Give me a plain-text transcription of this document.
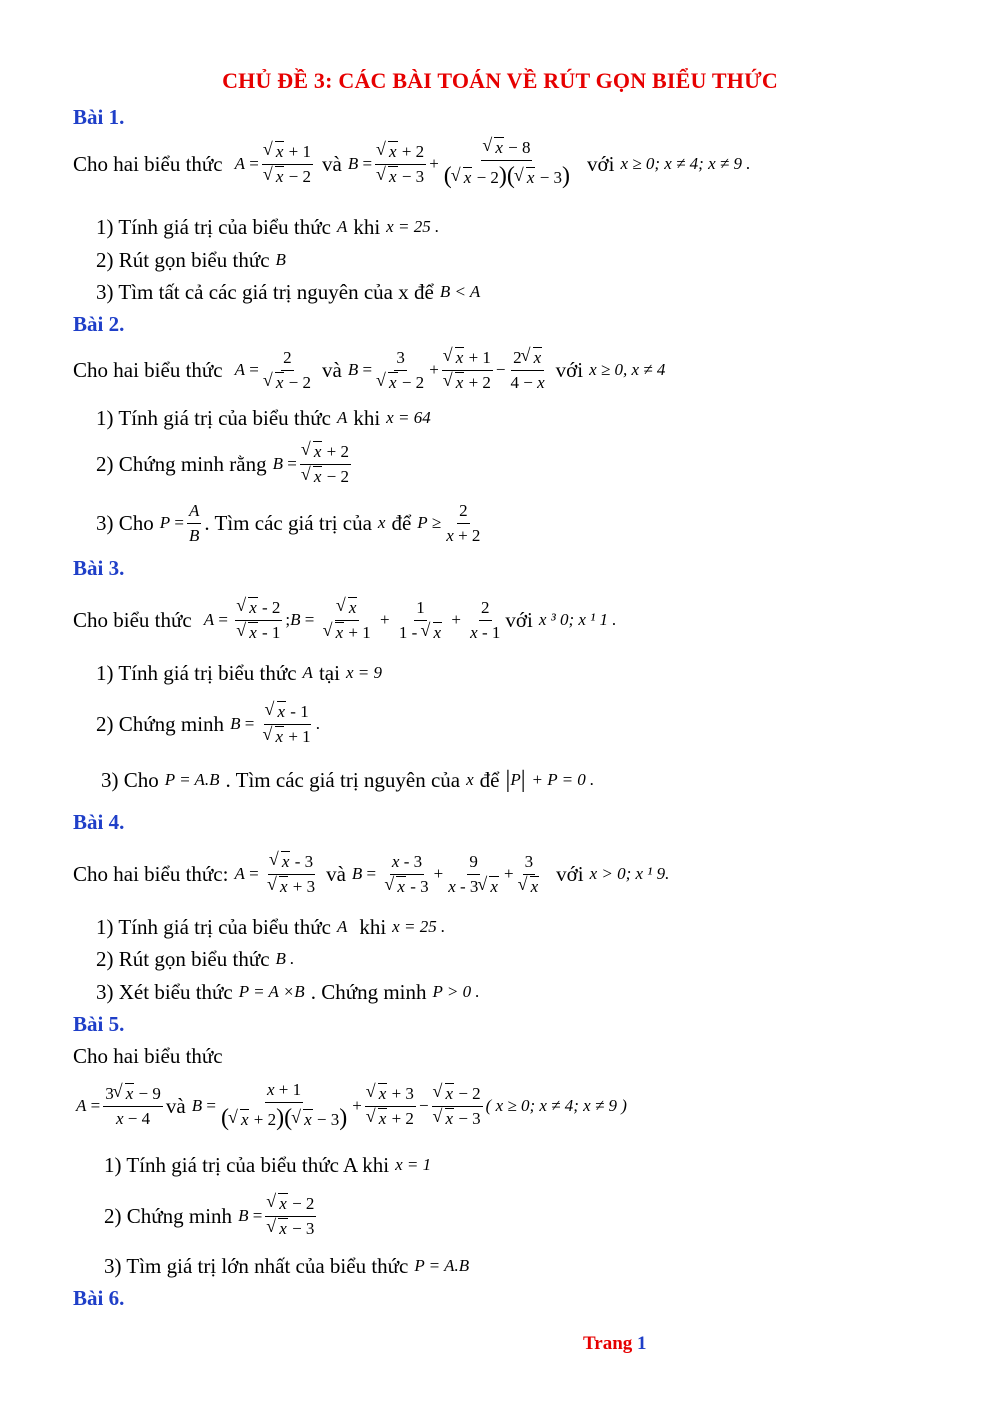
CHỦ ĐỀ 3: CÁC BÀI TOÁN VỀ RÚT GỌN BIỂU THỨC
Bài 1.
Cho hai biểu thức A = √ x + 1
√ x − 2 và B = √ x + 2
√ x − 3 + √ $\frac{x - 8}{( √ x - 2)( √ x - 3)}$ với x ≥ 0; x ≠ 4; x ≠ 9 .
1) Tính giá trị của biểu thức A khi x = 25 .
2) Rút gọn biểu thức B
3) Tìm tất cả các giá trị nguyên của x để B < A
Bài 2.
Cho hai biểu thức A = 2
√ x − 2 và B = 3
√ x − 2 + √ x + 1
√ $x + 2 - \frac{2 √ x}{4 - x}$ với x ≥ 0, x ≠ 4
1) Tính giá trị của biểu thức A khi x = 64
2) Chứng minh rằng B = √ x + 2
√ x − 2
3) Cho $P = \frac{A}{B}$ . Tìm các giá trị của x để $P \ge \frac{2}{x + 2}$
Bài 3.
Cho biểu thức A = √ x - 2
√ x - 1 ; B = √ x
√ $x + 1 + \frac{1}{1 - √ x} + \frac{2}{x - 1}$ với x ³ 0; x ¹ 1 .
1) Tính giá trị biểu thức A tại x = 9
2) Chứng minh B = √ x - 1
√ x + 1 .
3) Cho P = A.B . Tìm các giá trị nguyên của x để | P | + P = 0 .
Bài 4.
Cho hai biểu thức: A = √ x - 3
√ x + 3 và B = x - 3
√ $x - 3 + \frac{9}{x - 3 √ x} + 3$
√ x với x > 0; x ¹ 9.
1) Tính giá trị của biểu thức A khi x = 25 .
2) Rút gọn biểu thức B .
3) Xét biểu thức P = A ×B . Chứng minh P > 0 .
Bài 5.
Cho hai biểu thức
$A = \frac{3 √ x - 9}{x - 4}$ và $B = \frac{x + 1}{( √ x + 2)( √ x - 3)}$ + √ x + 3
√ x + 2 − √ x − 2
√ x − 3 ( x ≥ 0; x ≠ 4; x ≠ 9 )
1) Tính giá trị của biểu thức A khi x = 1
2) Chứng minh B = √ x − 2
√ x − 3
3) Tìm giá trị lớn nhất của biểu thức P = A.B
Bài 6.
Trang 1
